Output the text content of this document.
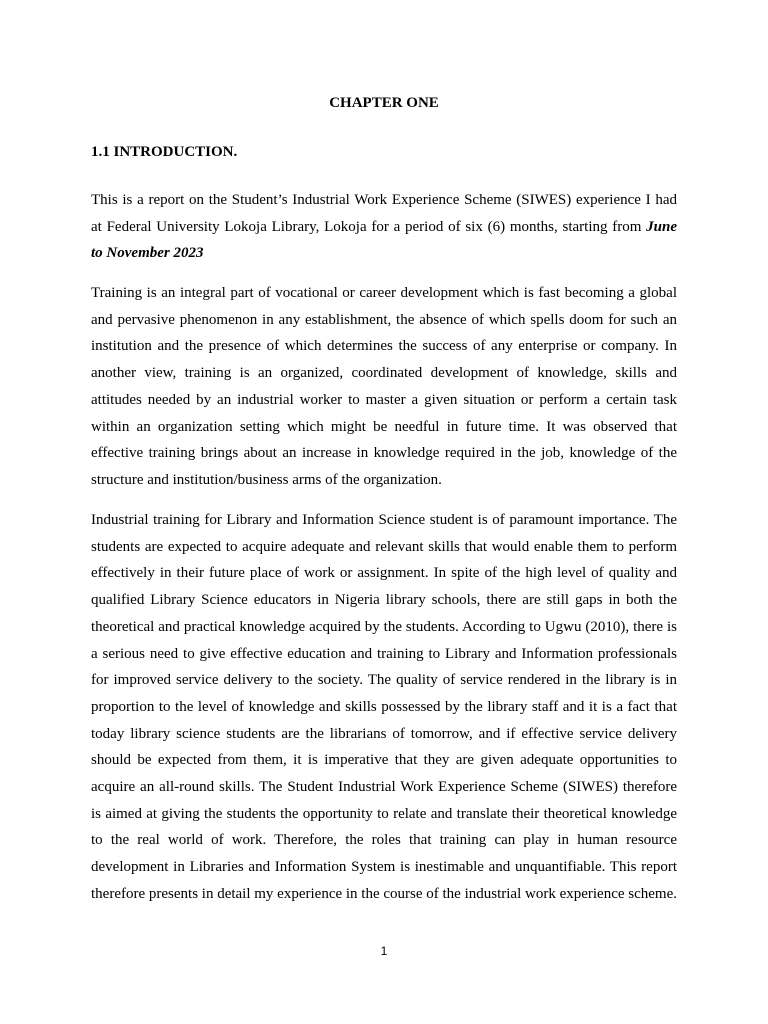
CHAPTER ONE
1.1 INTRODUCTION.

This is a report on the Student’s Industrial Work Experience Scheme (SIWES) experience I had at Federal University Lokoja Library, Lokoja for a period of six (6) months, starting from June to November 2023

Training is an integral part of vocational or career development which is fast becoming a global and pervasive phenomenon in any establishment, the absence of which spells doom for such an institution and the presence of which determines the success of any enterprise or company. In another view, training is an organized, coordinated development of knowledge, skills and attitudes needed by an industrial worker to master a given situation or perform a certain task within an organization setting which might be needful in future time. It was observed that effective training brings about an increase in knowledge required in the job, knowledge of the structure and institution/business arms of the organization.

Industrial training for Library and Information Science student is of paramount importance. The students are expected to acquire adequate and relevant skills that would enable them to perform effectively in their future place of work or assignment. In spite of the high level of quality and qualified Library Science educators in Nigeria library schools, there are still gaps in both the theoretical and practical knowledge acquired by the students. According to Ugwu (2010), there is a serious need to give effective education and training to Library and Information professionals for improved service delivery to the society. The quality of service rendered in the library is in proportion to the level of knowledge and skills possessed by the library staff and it is a fact that today library science students are the librarians of tomorrow, and if effective service delivery should be expected from them, it is imperative that they are given adequate opportunities to acquire an all-round skills. The Student Industrial Work Experience Scheme (SIWES) therefore is aimed at giving the students the opportunity to relate and translate their theoretical knowledge to the real world of work. Therefore, the roles that training can play in human resource development in Libraries and Information System is inestimable and unquantifiable. This report therefore presents in detail my experience in the course of the industrial work experience scheme.

1
